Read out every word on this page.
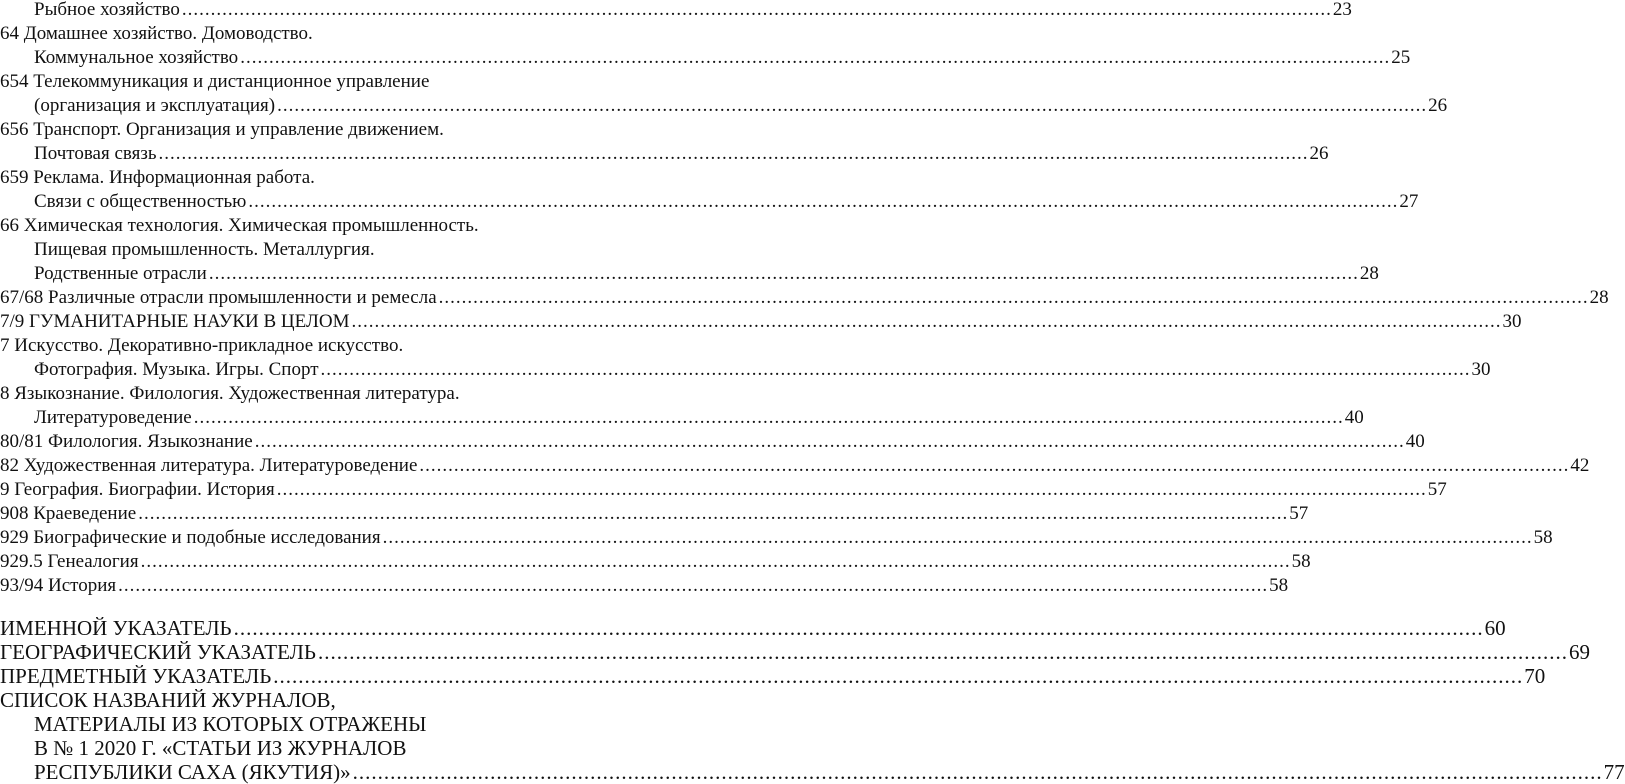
Рыбное хозяйство ........................................................................................................................................................................................................ 23
64 Домашнее хозяйство. Домоводство.
Коммунальное хозяйство ........................................................................................................................................................................................................ 25
654 Телекоммуникация и дистанционное управление
(организация и эксплуатация) ........................................................................................................................................................................................................ 26
656 Транспорт. Организация и управление движением.
Почтовая связь ........................................................................................................................................................................................................ 26
659 Реклама. Информационная работа.
Связи с общественностью ........................................................................................................................................................................................................ 27
66 Химическая технология. Химическая промышленность.
Пищевая промышленность. Металлургия.
Родственные отрасли ........................................................................................................................................................................................................ 28
67/68 Различные отрасли промышленности и ремесла ........................................................................................................................................................................................................ 28
7/9 ГУМАНИТАРНЫЕ НАУКИ В ЦЕЛОМ ........................................................................................................................................................................................................ 30
7 Искусство. Декоративно-прикладное искусство.
Фотография. Музыка. Игры. Спорт ........................................................................................................................................................................................................ 30
8 Языкознание. Филология. Художественная литература.
Литературоведение ........................................................................................................................................................................................................ 40
80/81 Филология. Языкознание ........................................................................................................................................................................................................ 40
82 Художественная литература. Литературоведение ........................................................................................................................................................................................................ 42
9 География. Биографии. История ........................................................................................................................................................................................................ 57
908 Краеведение ........................................................................................................................................................................................................ 57
929 Биографические и подобные исследования ........................................................................................................................................................................................................ 58
929.5 Генеалогия ........................................................................................................................................................................................................ 58
93/94 История ........................................................................................................................................................................................................ 58
ИМЕННОЙ УКАЗАТЕЛЬ ........................................................................................................................................................................................................ 60
ГЕОГРАФИЧЕСКИЙ УКАЗАТЕЛЬ ........................................................................................................................................................................................................ 69
ПРЕДМЕТНЫЙ УКАЗАТЕЛЬ ........................................................................................................................................................................................................ 70
СПИСОК НАЗВАНИЙ ЖУРНАЛОВ,
МАТЕРИАЛЫ ИЗ КОТОРЫХ ОТРАЖЕНЫ
В № 1 2020 Г. «СТАТЬИ ИЗ ЖУРНАЛОВ
РЕСПУБЛИКИ САХА (ЯКУТИЯ)» ........................................................................................................................................................................................................ 77
